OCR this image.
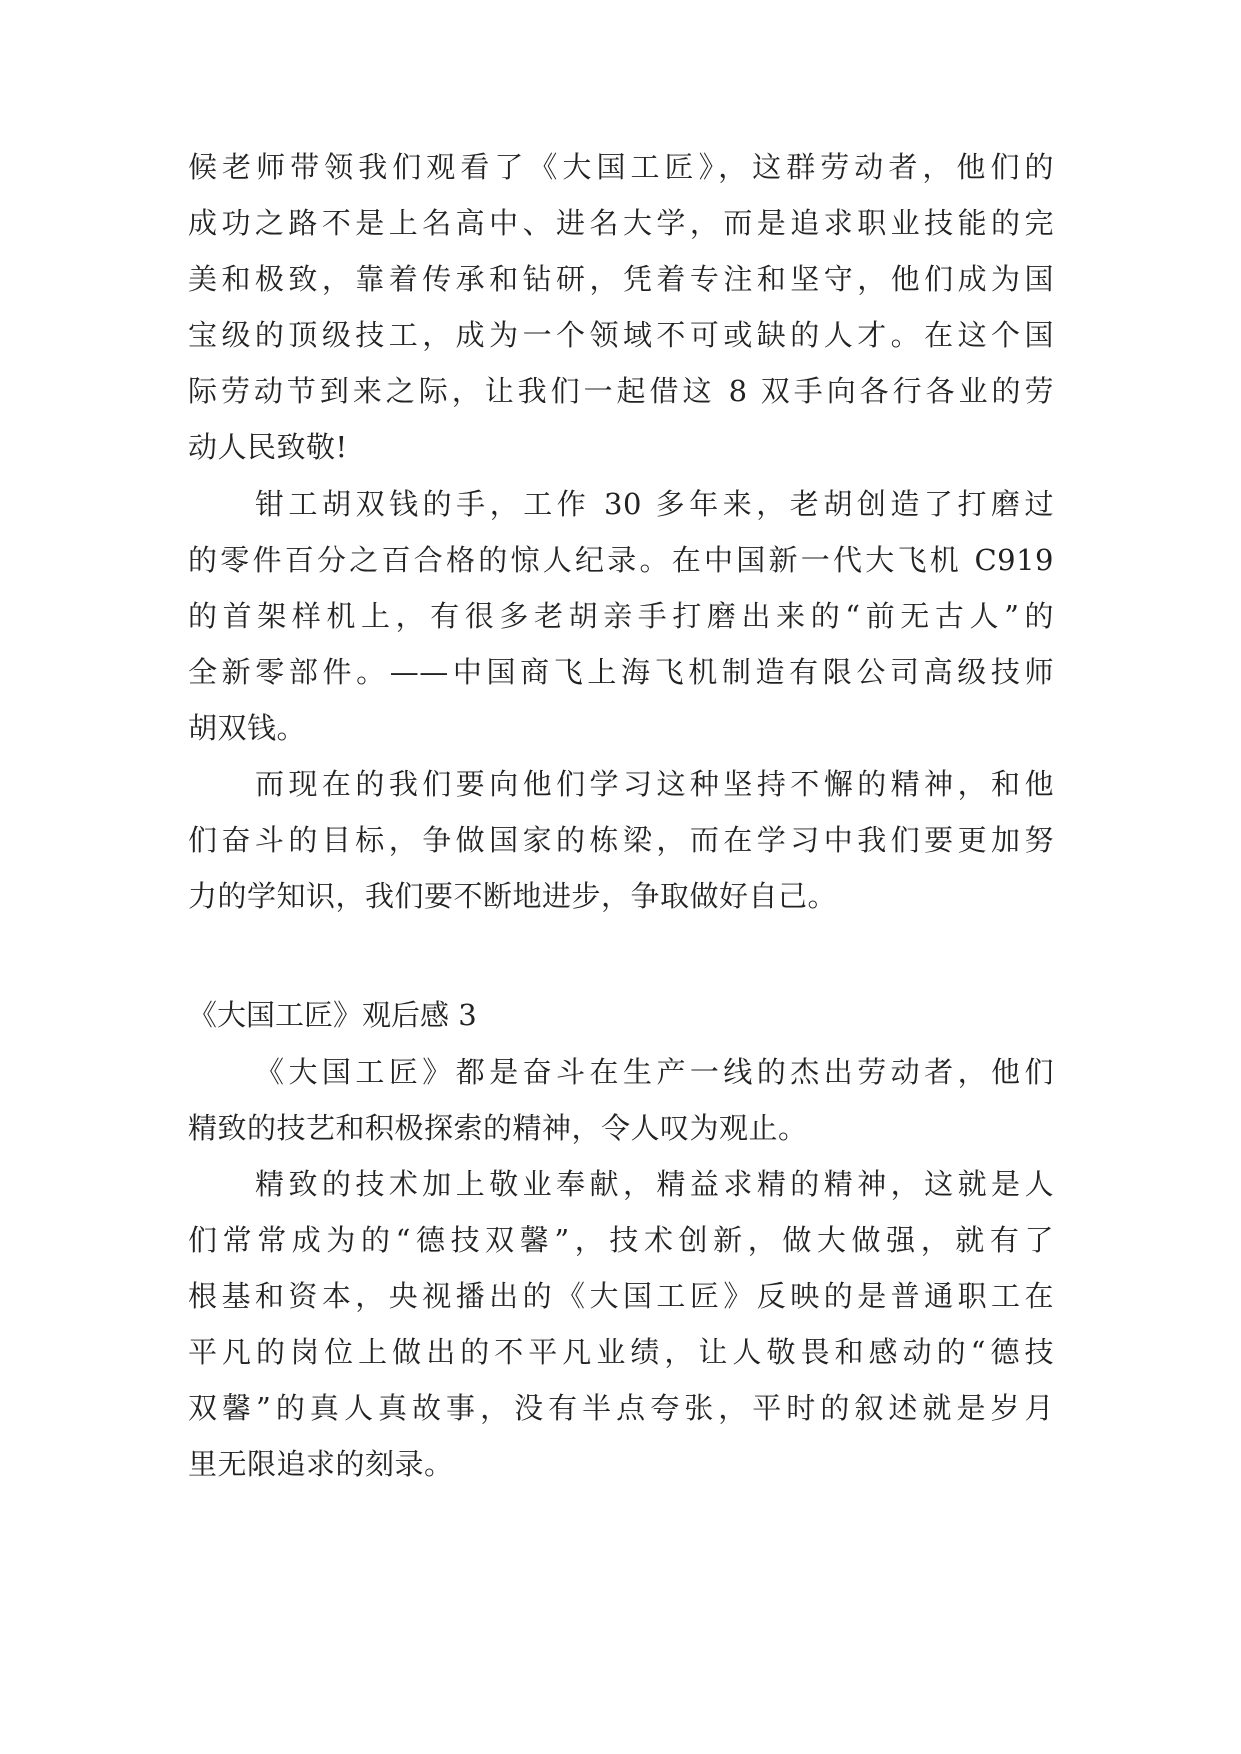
候老师带领我们观看了《大国工匠》，这群劳动者，他们的
成功之路不是上名高中、进名大学，而是追求职业技能的完
美和极致，靠着传承和钻研，凭着专注和坚守，他们成为国
宝级的顶级技工，成为一个领域不可或缺的人才。在这个国
际劳动节到来之际，让我们一起借这 8 双手向各行各业的劳
动人民致敬!
钳工胡双钱的手，工作 30 多年来，老胡创造了打磨过
的零件百分之百合格的惊人纪录。在中国新一代大飞机 C919
的首架样机上，有很多老胡亲手打磨出来的“前无古人”的
全新零部件。——中国商飞上海飞机制造有限公司高级技师
胡双钱。
而现在的我们要向他们学习这种坚持不懈的精神，和他
们奋斗的目标，争做国家的栋梁，而在学习中我们要更加努
力的学知识，我们要不断地进步，争取做好自己。
《大国工匠》观后感 3
《大国工匠》都是奋斗在生产一线的杰出劳动者，他们
精致的技艺和积极探索的精神，令人叹为观止。
精致的技术加上敬业奉献，精益求精的精神，这就是人
们常常成为的“德技双馨”，技术创新，做大做强，就有了
根基和资本，央视播出的《大国工匠》反映的是普通职工在
平凡的岗位上做出的不平凡业绩，让人敬畏和感动的“德技
双馨”的真人真故事，没有半点夸张，平时的叙述就是岁月
里无限追求的刻录。
